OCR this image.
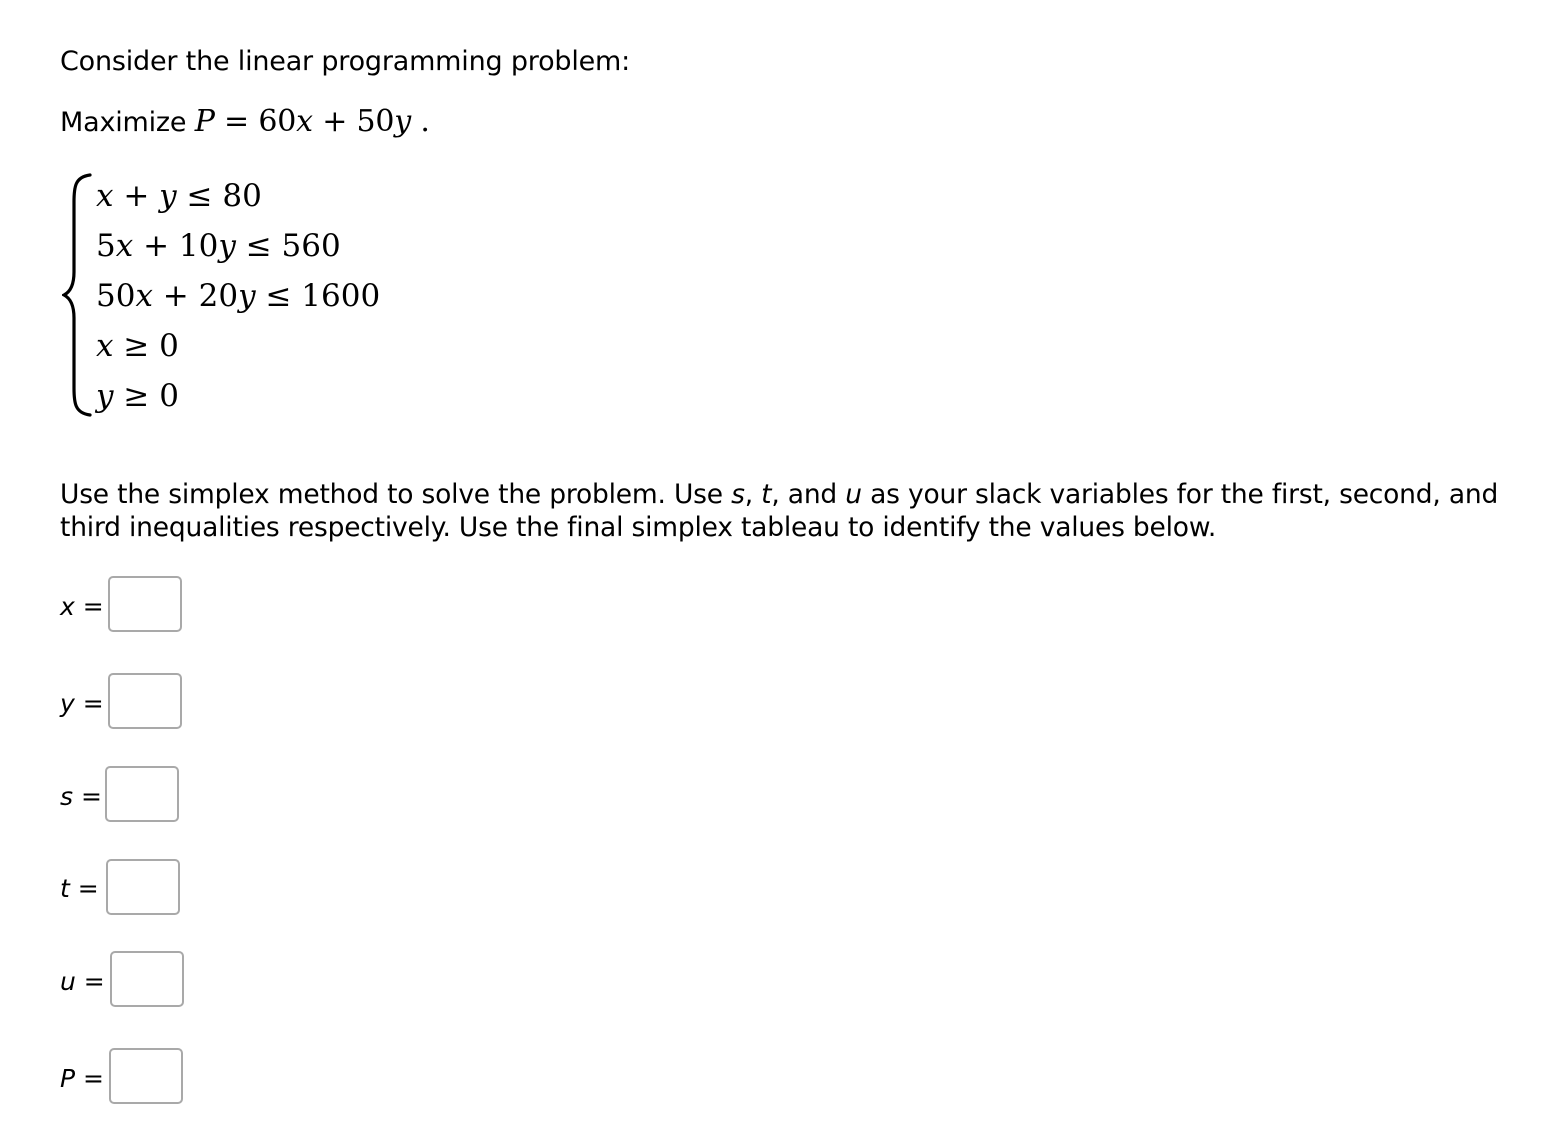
Consider the linear programming problem:
Maximize P = 60x + 50y .
x + y ≤ 80
5x + 10y ≤ 560
50x + 20y ≤ 1600
x ≥ 0
y ≥ 0
Use the simplex method to solve the problem. Use s, t, and u as your slack variables for the first, second, and third inequalities respectively. Use the final simplex tableau to identify the values below.
x =
y =
s =
t =
u =
P =
